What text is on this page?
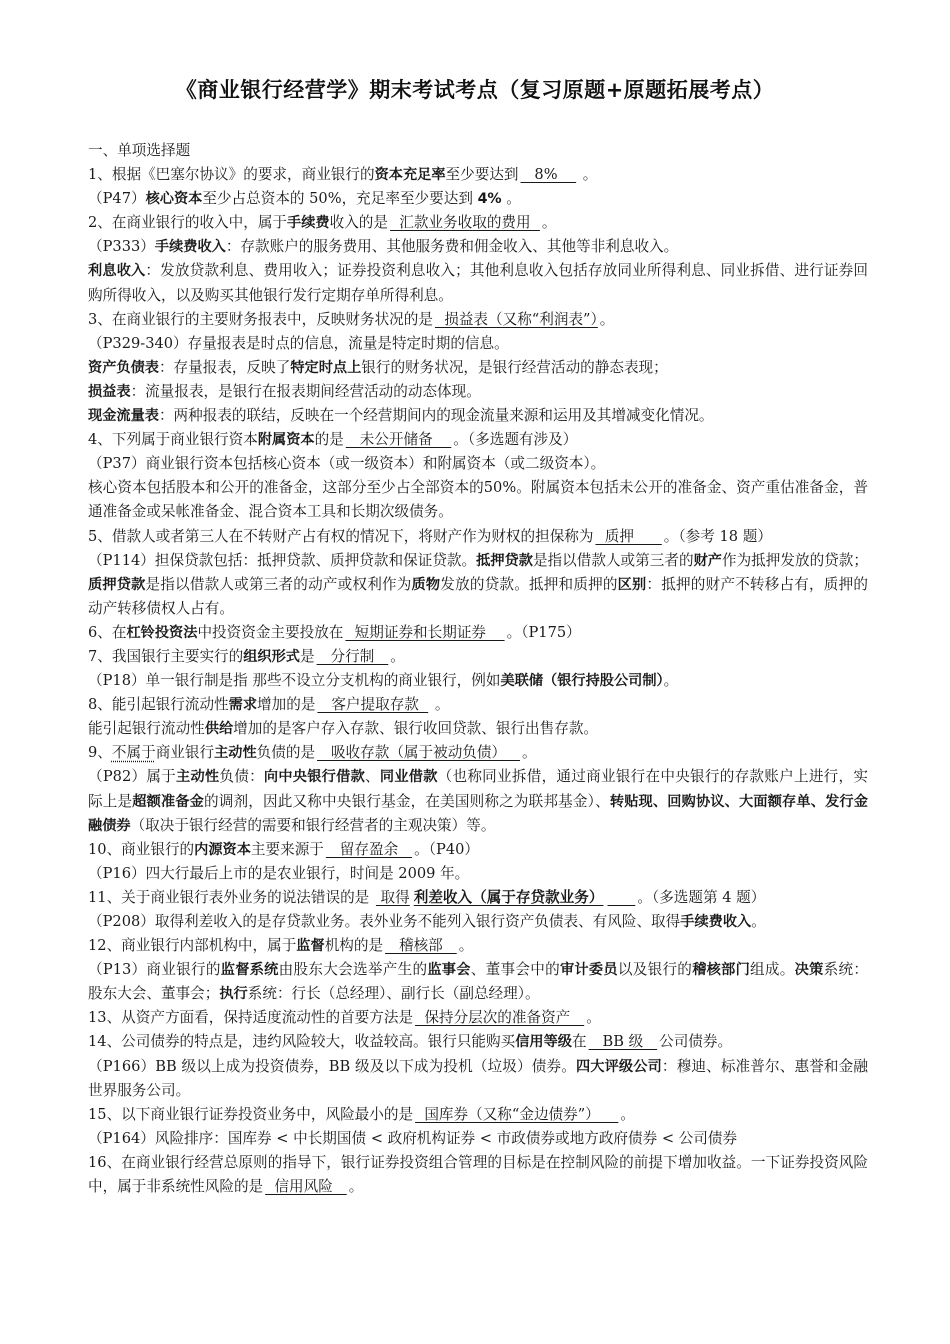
《商业银行经营学》期末考试考点（复习原题+原题拓展考点）
一、单项选择题
1、根据《巴塞尔协议》的要求，商业银行的资本充足率至少要达到   8%     。
（P47）核心资本至少占总资本的 50%，充足率至少要达到 4% 。
2、在商业银行的收入中，属于手续费收入的是  汇款业务收取的费用  。
（P333）手续费收入：存款账户的服务费用、其他服务费和佣金收入、其他等非利息收入。
利息收入：发放贷款利息、费用收入；证券投资利息收入；其他利息收入包括存放同业所得利息、同业拆借、进行证券回购所得收入，以及购买其他银行发行定期存单所得利息。
3、在商业银行的主要财务报表中，反映财务状况的是  损益表（又称“利润表”） 。
（P329-340）存量报表是时点的信息，流量是特定时期的信息。
资产负债表：存量报表，反映了特定时点上银行的财务状况，是银行经营活动的静态表现；
损益表：流量报表，是银行在报表期间经营活动的动态体现。
现金流量表：两种报表的联结，反映在一个经营期间内的现金流量来源和运用及其增减变化情况。
4、下列属于商业银行资本附属资本的是   未公开储备    。（多选题有涉及）
（P37）商业银行资本包括核心资本（或一级资本）和附属资本（或二级资本）。
核心资本包括股本和公开的准备金，这部分至少占全部资本的50%。附属资本包括未公开的准备金、资产重估准备金，普通准备金或呆帐准备金、混合资本工具和长期次级债务。
5、借款人或者第三人在不转财产占有权的情况下，将财产作为财权的担保称为  质押      。（参考 18 题）
（P114）担保贷款包括：抵押贷款、质押贷款和保证贷款。抵押贷款是指以借款人或第三者的财产作为抵押发放的贷款；质押贷款是指以借款人或第三者的动产或权利作为质物发放的贷款。抵押和质押的区别：抵押的财产不转移占有，质押的动产转移债权人占有。
6、在杠铃投资法中投资资金主要投放在  短期证券和长期证券    。（P175）
7、我国银行主要实行的组织形式是   分行制   。
（P18）单一银行制是指 那些不设立分支机构的商业银行，例如美联储（银行持股公司制）。
8、能引起银行流动性需求增加的是   客户提取存款   。
能引起银行流动性供给增加的是客户存入存款、银行收回贷款、银行出售存款。
9、不属于商业银行主动性负债的是   吸收存款（属于被动负债）   。
（P82）属于主动性负债：向中央银行借款、同业借款（也称同业拆借，通过商业银行在中央银行的存款账户上进行，实际上是超额准备金的调剂，因此又称中央银行基金，在美国则称之为联邦基金）、转贴现、回购协议、大面额存单、发行金融债券（取决于银行经营的需要和银行经营者的主观决策）等。
10、商业银行的内源资本主要来源于   留存盈余   。（P40）
（P16）四大行最后上市的是农业银行，时间是 2009 年。
11、关于商业银行表外业务的说法错误的是  取得 利差收入（属于存贷款业务） 。（多选题第 4 题）
（P208）取得利差收入的是存贷款业务。表外业务不能列入银行资产负债表、有风险、取得手续费收入。
12、商业银行内部机构中，属于监督机构的是   稽核部   。
（P13）商业银行的监督系统由股东大会选举产生的监事会、董事会中的审计委员以及银行的稽核部门组成。决策系统：股东大会、董事会；执行系统：行长（总经理）、副行长（副总经理）。
13、从资产方面看，保持适度流动性的首要方法是  保持分层次的准备资产   。
14、公司债券的特点是，违约风险较大，收益较高。银行只能购买信用等级在   BB 级   公司债券。
（P166）BB 级以上成为投资债券，BB 级及以下成为投机（垃圾）债券。四大评级公司：穆迪、标准普尔、惠誉和金融世界服务公司。
15、以下商业银行证券投资业务中，风险最小的是  国库券（又称“金边债券”）    。
（P164）风险排序：国库券 < 中长期国债 < 政府机构证券 < 市政债券或地方政府债券 < 公司债券
16、在商业银行经营总原则的指导下，银行证券投资组合管理的目标是在控制风险的前提下增加收益。一下证券投资风险中，属于非系统性风险的是  信用风险   。
